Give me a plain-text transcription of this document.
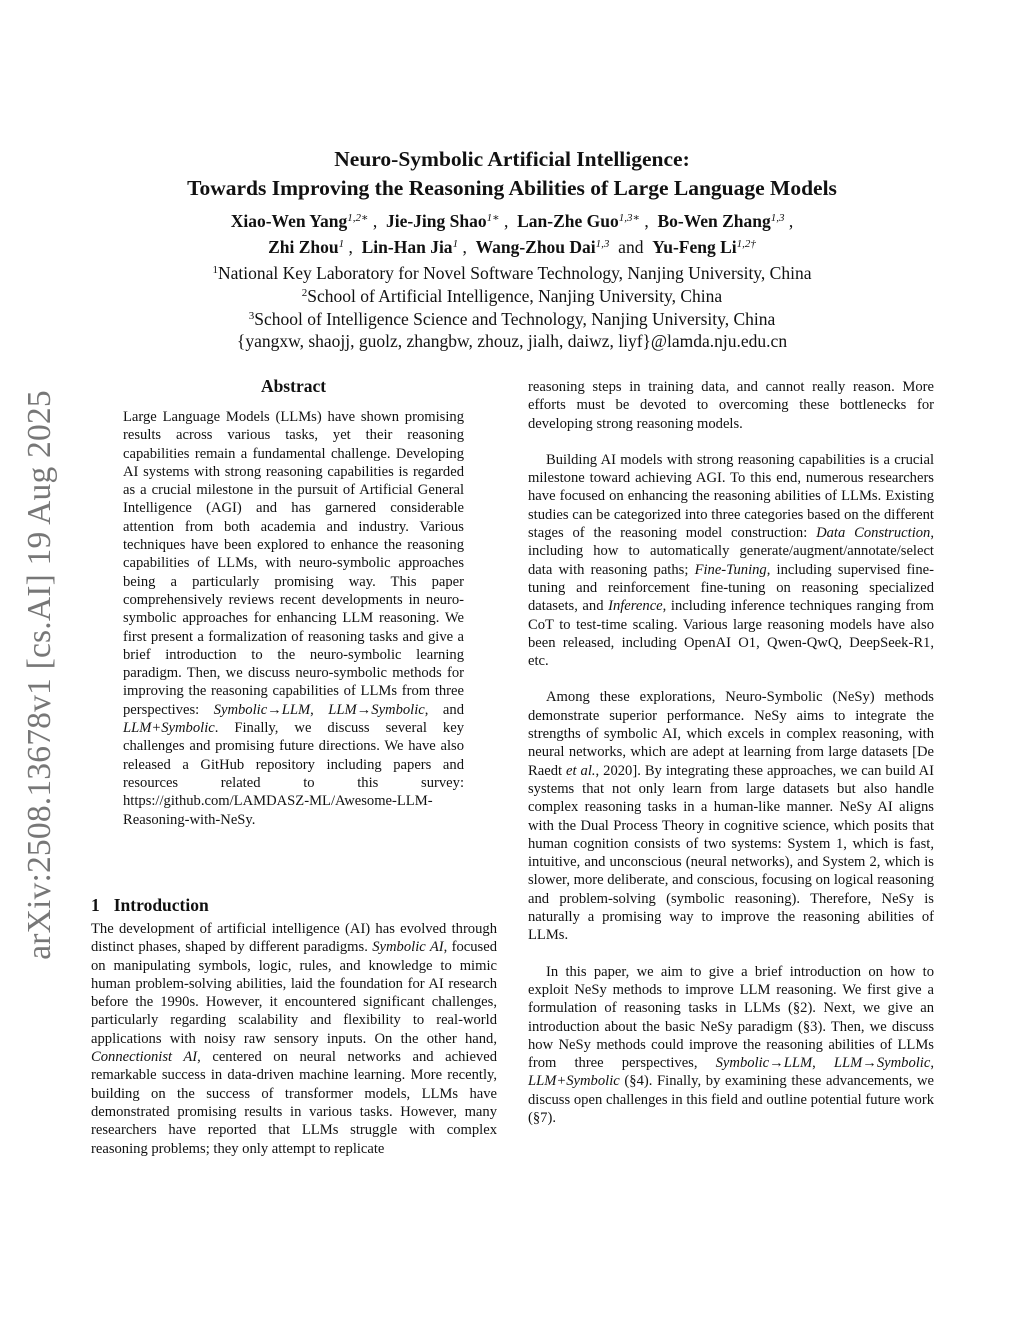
arXiv:2508.13678v1 [cs.AI] 19 Aug 2025
Neuro-Symbolic Artificial Intelligence:
Towards Improving the Reasoning Abilities of Large Language Models
Xiao-Wen Yang$^{1,2∗}$ ,  Jie-Jing Shao$^{1∗}$ ,  Lan-Zhe Guo$^{1,3∗}$ ,  Bo-Wen Zhang$^{1,3}$ ,
Zhi Zhou$^1$ ,  Lin-Han Jia$^1$ ,  Wang-Zhou Dai$^{1,3}$ and Yu-Feng $Li^{1,2\dagger}$
$^1$National Key Laboratory for Novel Software Technology, Nanjing University, China
$^2$School of Artificial Intelligence, Nanjing University, China
$^3$School of Intelligence Science and Technology, Nanjing University, China
{yangxw, shaojj, guolz, zhangbw, zhouz, jialh, daiwz, liyf}@lamda.nju.edu.cn
Abstract
Large Language Models (LLMs) have shown promising results across various tasks, yet their reasoning capabilities remain a fundamental challenge. Developing AI systems with strong reasoning capabilities is regarded as a crucial milestone in the pursuit of Artificial General Intelligence (AGI) and has garnered considerable attention from both academia and industry. Various techniques have been explored to enhance the reasoning capabilities of LLMs, with neuro-symbolic approaches being a particularly promising way. This paper comprehensively reviews recent developments in neuro-symbolic approaches for enhancing LLM reasoning. We first present a formalization of reasoning tasks and give a brief introduction to the neuro-symbolic learning paradigm. Then, we discuss neuro-symbolic methods for improving the reasoning capabilities of LLMs from three perspectives: Symbolic→LLM, LLM→Symbolic, and LLM+Symbolic. Finally, we discuss several key challenges and promising future directions. We have also released a GitHub repository including papers and resources related to this survey: https://github.com/LAMDASZ-ML/Awesome-LLM-Reasoning-with-NeSy.
1 Introduction
The development of artificial intelligence (AI) has evolved through distinct phases, shaped by different paradigms. Symbolic AI, focused on manipulating symbols, logic, rules, and knowledge to mimic human problem-solving abilities, laid the foundation for AI research before the 1990s. However, it encountered significant challenges, particularly regarding scalability and flexibility to real-world applications with noisy raw sensory inputs. On the other hand, Connectionist AI, centered on neural networks and achieved remarkable success in data-driven machine learning. More recently, building on the success of transformer models, LLMs have demonstrated promising results in various tasks. However, many researchers have reported that LLMs struggle with complex reasoning problems; they only attempt to replicate

reasoning steps in training data, and cannot really reason. More efforts must be devoted to overcoming these bottlenecks for developing strong reasoning models.

Building AI models with strong reasoning capabilities is a crucial milestone toward achieving AGI. To this end, numerous researchers have focused on enhancing the reasoning abilities of LLMs. Existing studies can be categorized into three categories based on the different stages of the reasoning model construction: Data Construction, including how to automatically generate/augment/annotate/select data with reasoning paths; Fine-Tuning, including supervised fine-tuning and reinforcement fine-tuning on reasoning specialized datasets, and Inference, including inference techniques ranging from CoT to test-time scaling. Various large reasoning models have also been released, including OpenAI O1, Qwen-QwQ, DeepSeek-R1, etc.

Among these explorations, Neuro-Symbolic (NeSy) methods demonstrate superior performance. NeSy aims to integrate the strengths of symbolic AI, which excels in complex reasoning, with neural networks, which are adept at learning from large datasets [De Raedt et al., 2020]. By integrating these approaches, we can build AI systems that not only learn from large datasets but also handle complex reasoning tasks in a human-like manner. NeSy AI aligns with the Dual Process Theory in cognitive science, which posits that human cognition consists of two systems: System 1, which is fast, intuitive, and unconscious (neural networks), and System 2, which is slower, more deliberate, and conscious, focusing on logical reasoning and problem-solving (symbolic reasoning). Therefore, NeSy is naturally a promising way to improve the reasoning abilities of LLMs.

In this paper, we aim to give a brief introduction on how to exploit NeSy methods to improve LLM reasoning. We first give a formulation of reasoning tasks in LLMs (§2). Next, we give an introduction about the basic NeSy paradigm (§3). Then, we discuss how NeSy methods could improve the reasoning abilities of LLMs from three perspectives, Symbolic→LLM, LLM→Symbolic, LLM+Symbolic (§4). Finally, by examining these advancements, we discuss open challenges in this field and outline potential future work (§7).
